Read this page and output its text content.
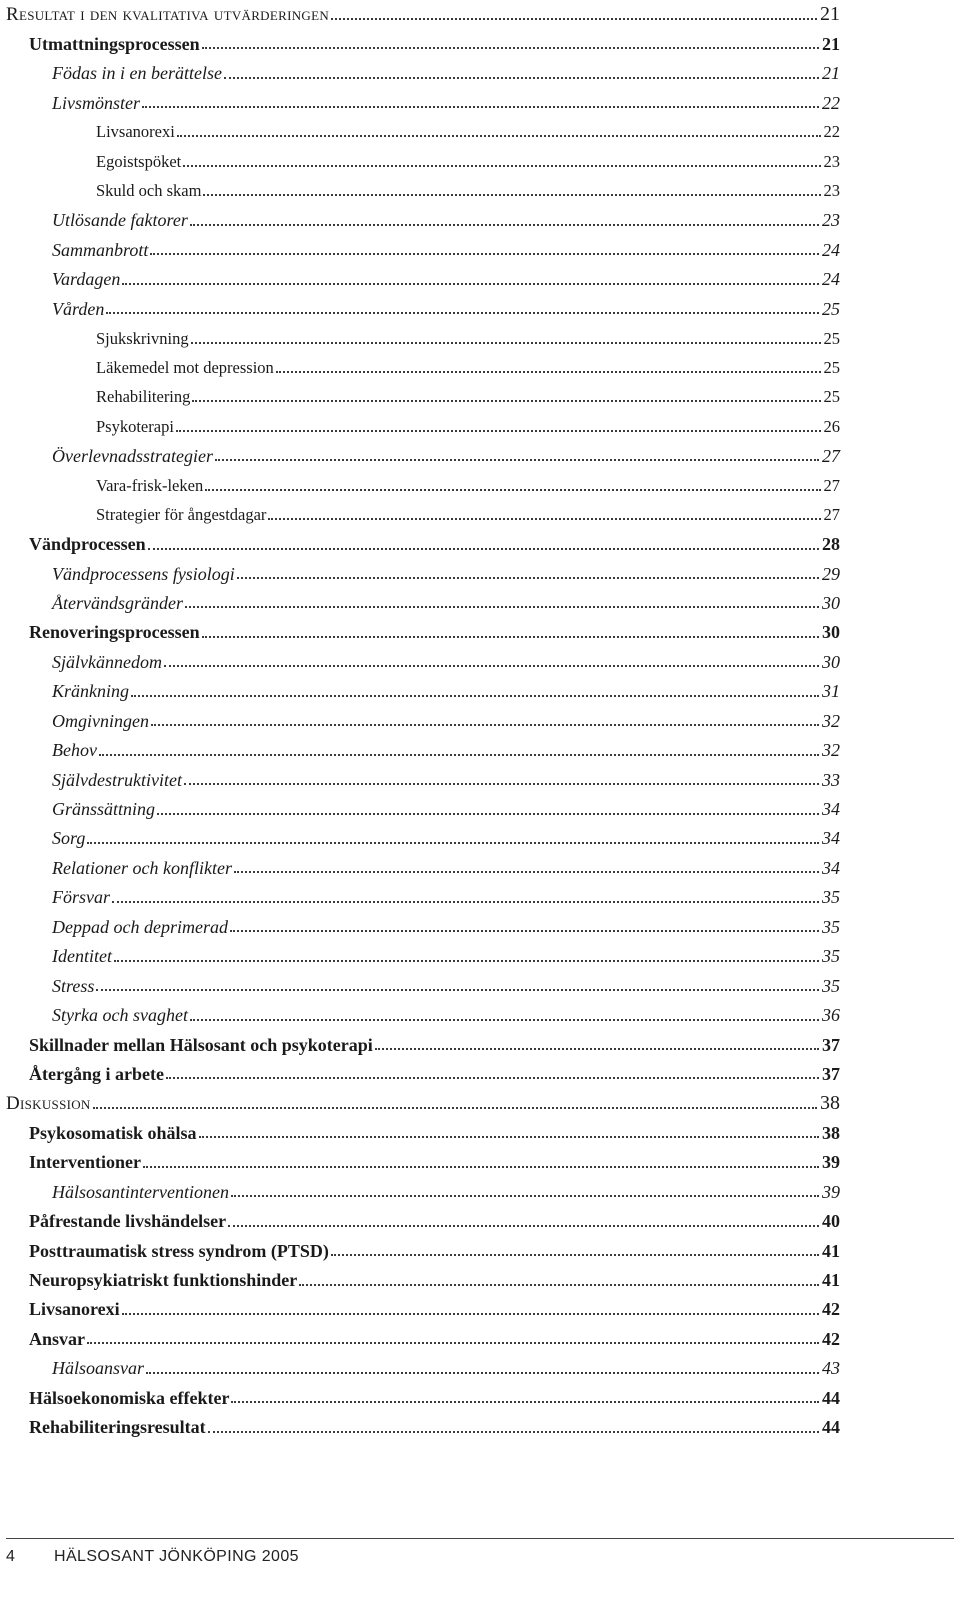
Resultat i den kvalitativa utvärderingen	21
Utmattningsprocessen	21
Födas in i en berättelse	21
Livsmönster	22
Livsanorexi	22
Egoistspöket	23
Skuld och skam	23
Utlösande faktorer	23
Sammanbrott	24
Vardagen	24
Vården	25
Sjukskrivning	25
Läkemedel mot depression	25
Rehabilitering	25
Psykoterapi	26
Överlevnadsstrategier	27
Vara-frisk-leken	27
Strategier för ångestdagar	27
Vändprocessen	28
Vändprocessens fysiologi	29
Återvändsgränder	30
Renoveringsprocessen	30
Självkännedom	30
Kränkning	31
Omgivningen	32
Behov	32
Självdestruktivitet	33
Gränssättning	34
Sorg	34
Relationer och konflikter	34
Försvar	35
Deppad och deprimerad	35
Identitet	35
Stress	35
Styrka och svaghet	36
Skillnader mellan Hälsosant och psykoterapi	37
Återgång i arbete	37
Diskussion	38
Psykosomatisk ohälsa	38
Interventioner	39
Hälsosantinterventionen	39
Påfrestande livshändelser	40
Posttraumatisk stress syndrom (PTSD)	41
Neuropsykiatriskt funktionshinder	41
Livsanorexi	42
Ansvar	42
Hälsoansvar	43
Hälsoekonomiska effekter	44
Rehabiliteringsresultat	44
4 HÄLSOSANT JÖNKÖPING 2005
